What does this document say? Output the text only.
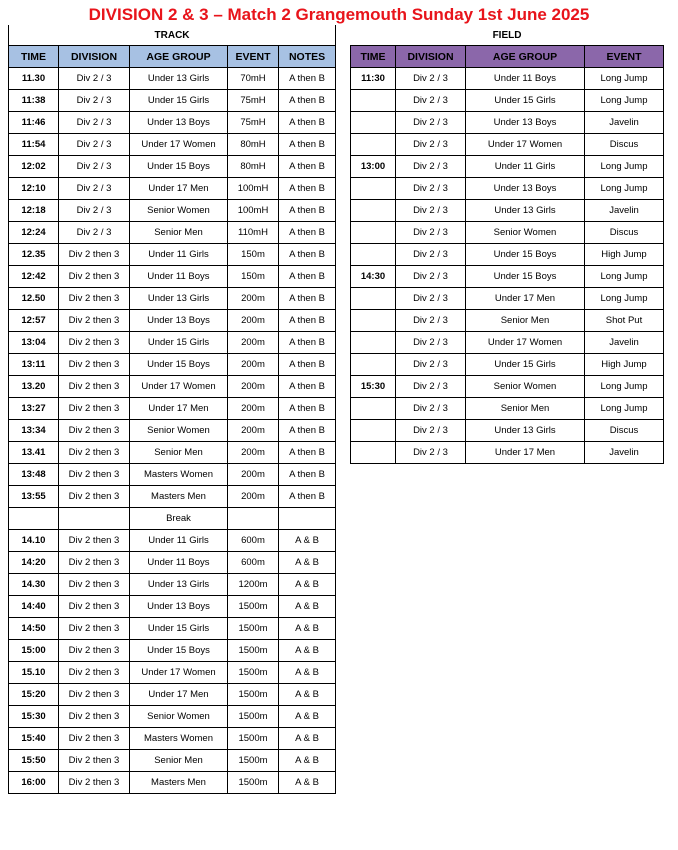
DIVISION 2 & 3 – Match 2 Grangemouth Sunday 1st June 2025
TRACK				
TIME	DIVISION	AGE GROUP	EVENT	NOTES
11.30	Div 2 / 3	Under 13 Girls	70mH	A then B
11:38	Div 2 / 3	Under 15 Girls	75mH	A then B
11:46	Div 2 / 3	Under 13 Boys	75mH	A then B
11:54	Div 2 / 3	Under 17 Women	80mH	A then B
12:02	Div 2 / 3	Under 15 Boys	80mH	A then B
12:10	Div 2 / 3	Under 17 Men	100mH	A then B
12:18	Div 2 / 3	Senior Women	100mH	A then B
12:24	Div 2 / 3	Senior Men	110mH	A then B
12.35	Div 2 then 3	Under 11 Girls	150m	A then B
12:42	Div 2 then 3	Under 11 Boys	150m	A then B
12.50	Div 2 then 3	Under 13 Girls	200m	A then B
12:57	Div 2 then 3	Under 13 Boys	200m	A then B
13:04	Div 2 then 3	Under 15 Girls	200m	A then B
13:11	Div 2 then 3	Under 15 Boys	200m	A then B
13.20	Div 2 then 3	Under 17 Women	200m	A then B
13:27	Div 2 then 3	Under 17 Men	200m	A then B
13:34	Div 2 then 3	Senior Women	200m	A then B
13.41	Div 2 then 3	Senior Men	200m	A then B
13:48	Div 2 then 3	Masters Women	200m	A then B
13:55	Div 2 then 3	Masters Men	200m	A then B
		Break		
14.10	Div 2 then 3	Under 11 Girls	600m	A & B
14:20	Div 2 then 3	Under 11 Boys	600m	A & B
14.30	Div 2 then 3	Under 13 Girls	1200m	A & B
14:40	Div 2 then 3	Under 13 Boys	1500m	A & B
14:50	Div 2 then 3	Under 15 Girls	1500m	A & B
15:00	Div 2 then 3	Under 15 Boys	1500m	A & B
15.10	Div 2 then 3	Under 17 Women	1500m	A & B
15:20	Div 2 then 3	Under 17 Men	1500m	A & B
15:30	Div 2 then 3	Senior Women	1500m	A & B
15:40	Div 2 then 3	Masters Women	1500m	A & B
15:50	Div 2 then 3	Senior Men	1500m	A & B
16:00	Div 2 then 3	Masters Men	1500m	A & B
FIELD			
TIME	DIVISION	AGE GROUP	EVENT
11:30	Div 2 / 3	Under 11 Boys	Long Jump
	Div 2 / 3	Under 15 Girls	Long Jump
	Div 2 / 3	Under 13 Boys	Javelin
	Div 2 / 3	Under 17 Women	Discus
13:00	Div 2 / 3	Under 11 Girls	Long Jump
	Div 2 / 3	Under 13 Boys	Long Jump
	Div 2 / 3	Under 13 Girls	Javelin
	Div 2 / 3	Senior Women	Discus
	Div 2 / 3	Under 15 Boys	High Jump
14:30	Div 2 / 3	Under 15 Boys	Long Jump
	Div 2 / 3	Under 17 Men	Long Jump
	Div 2 / 3	Senior Men	Shot Put
	Div 2 / 3	Under 17 Women	Javelin
	Div 2 / 3	Under 15 Girls	High Jump
15:30	Div 2 / 3	Senior Women	Long Jump
	Div 2 / 3	Senior Men	Long Jump
	Div 2 / 3	Under 13 Girls	Discus
	Div 2 / 3	Under 17 Men	Javelin
